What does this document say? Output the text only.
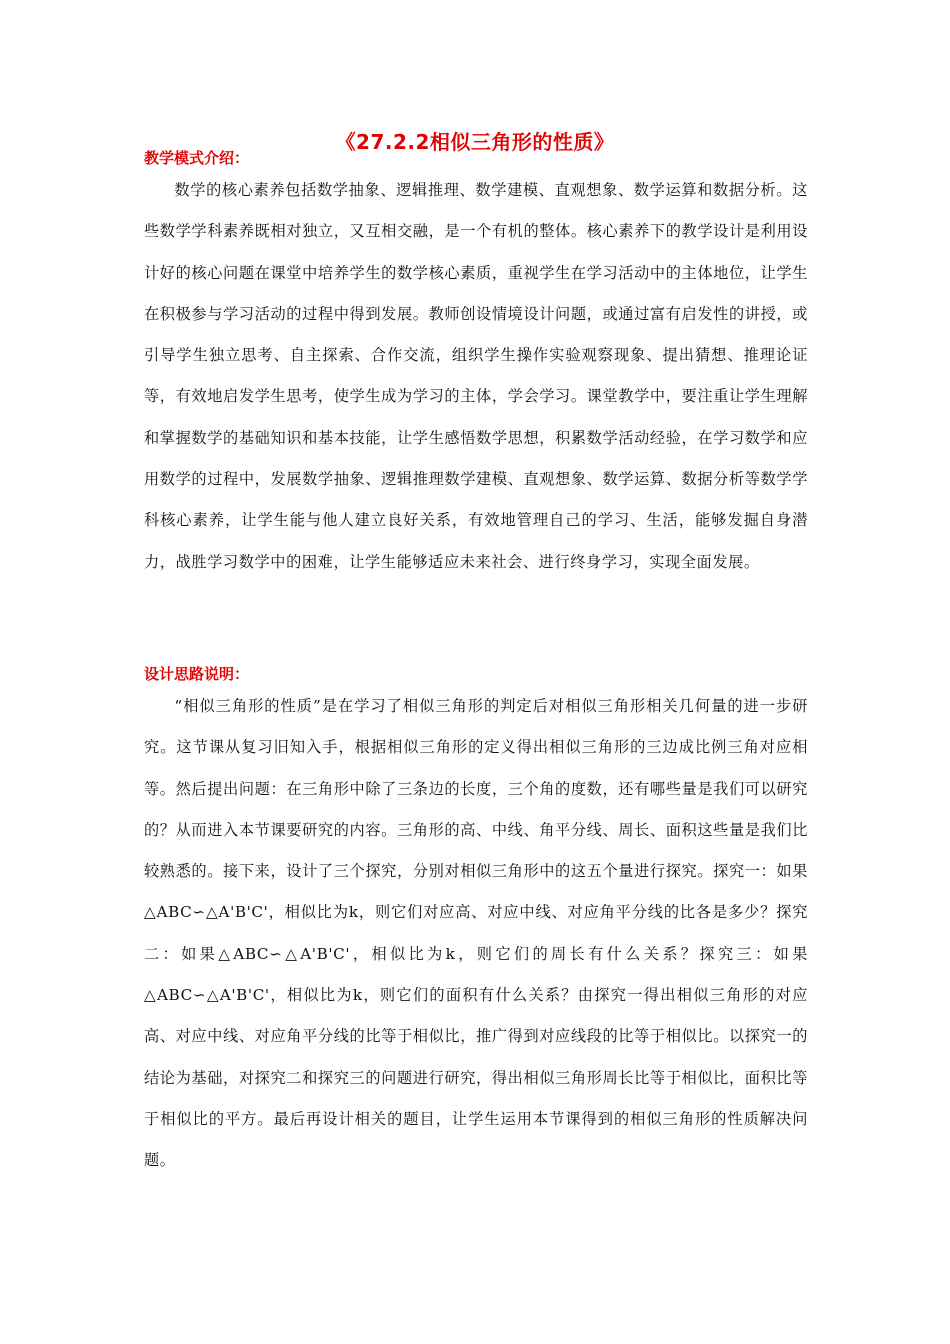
《27.2.2相似三角形的性质》
教学模式介绍：

数学的核心素养包括数学抽象、逻辑推理、数学建模、直观想象、数学运算和数据分析。这些数学学科素养既相对独立，又互相交融，是一个有机的整体。核心素养下的教学设计是利用设计好的核心问题在课堂中培养学生的数学核心素质，重视学生在学习活动中的主体地位，让学生在积极参与学习活动的过程中得到发展。教师创设情境设计问题，或通过富有启发性的讲授，或引导学生独立思考、自主探索、合作交流，组织学生操作实验观察现象、提出猜想、推理论证等，有效地启发学生思考，使学生成为学习的主体，学会学习。课堂教学中，要注重让学生理解和掌握数学的基础知识和基本技能，让学生感悟数学思想，积累数学活动经验，在学习数学和应用数学的过程中，发展数学抽象、逻辑推理数学建模、直观想象、数学运算、数据分析等数学学科核心素养，让学生能与他人建立良好关系，有效地管理自己的学习、生活，能够发掘自身潜力，战胜学习数学中的困难，让学生能够适应未来社会、进行终身学习，实现全面发展。

设计思路说明：

“相似三角形的性质”是在学习了相似三角形的判定后对相似三角形相关几何量的进一步研究。这节课从复习旧知入手，根据相似三角形的定义得出相似三角形的三边成比例三角对应相等。然后提出问题：在三角形中除了三条边的长度，三个角的度数，还有哪些量是我们可以研究的？从而进入本节课要研究的内容。三角形的高、中线、角平分线、周长、面积这些量是我们比较熟悉的。接下来，设计了三个探究，分别对相似三角形中的这五个量进行探究。探究一：如果△ABC∽△A'B'C'，相似比为k，则它们对应高、对应中线、对应角平分线的比各是多少？探究二：如果△ABC∽△A'B'C'，相似比为k，则它们的周长有什么关系？探究三：如果△ABC∽△A'B'C'，相似比为k，则它们的面积有什么关系？由探究一得出相似三角形的对应高、对应中线、对应角平分线的比等于相似比，推广得到对应线段的比等于相似比。以探究一的结论为基础，对探究二和探究三的问题进行研究，得出相似三角形周长比等于相似比，面积比等于相似比的平方。最后再设计相关的题目，让学生运用本节课得到的相似三角形的性质解决问题。
